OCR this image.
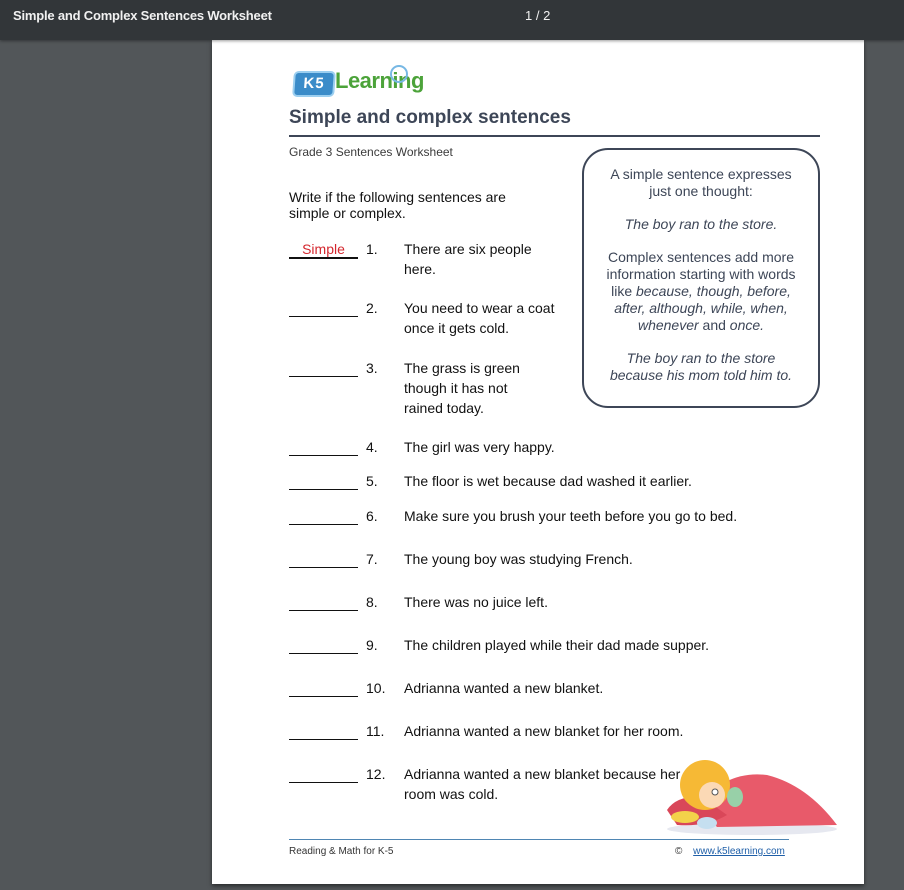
Simple and Complex Sentences Worksheet	1 / 2
K5 Learning
Simple and complex sentences
Grade 3 Sentences Worksheet
Write if the following sentences are simple or complex.

A simple sentence expresses just one thought:

The boy ran to the store.

Complex sentences add more information starting with words like because, though, before, after, although, while, when, whenever and once.

The boy ran to the store because his mom told him to.

Simple	1.	There are six people here.
2.	You need to wear a coat once it gets cold.
3.	The grass is green though it has not rained today.
4.	The girl was very happy.
5.	The floor is wet because dad washed it earlier.
6.	Make sure you brush your teeth before you go to bed.
7.	The young boy was studying French.
8.	There was no juice left.
9.	The children played while their dad made supper.
10.	Adrianna wanted a new blanket.
11.	Adrianna wanted a new blanket for her room.
12.	Adrianna wanted a new blanket because her room was cold.
Reading & Math for K-5	© www.k5learning.com
